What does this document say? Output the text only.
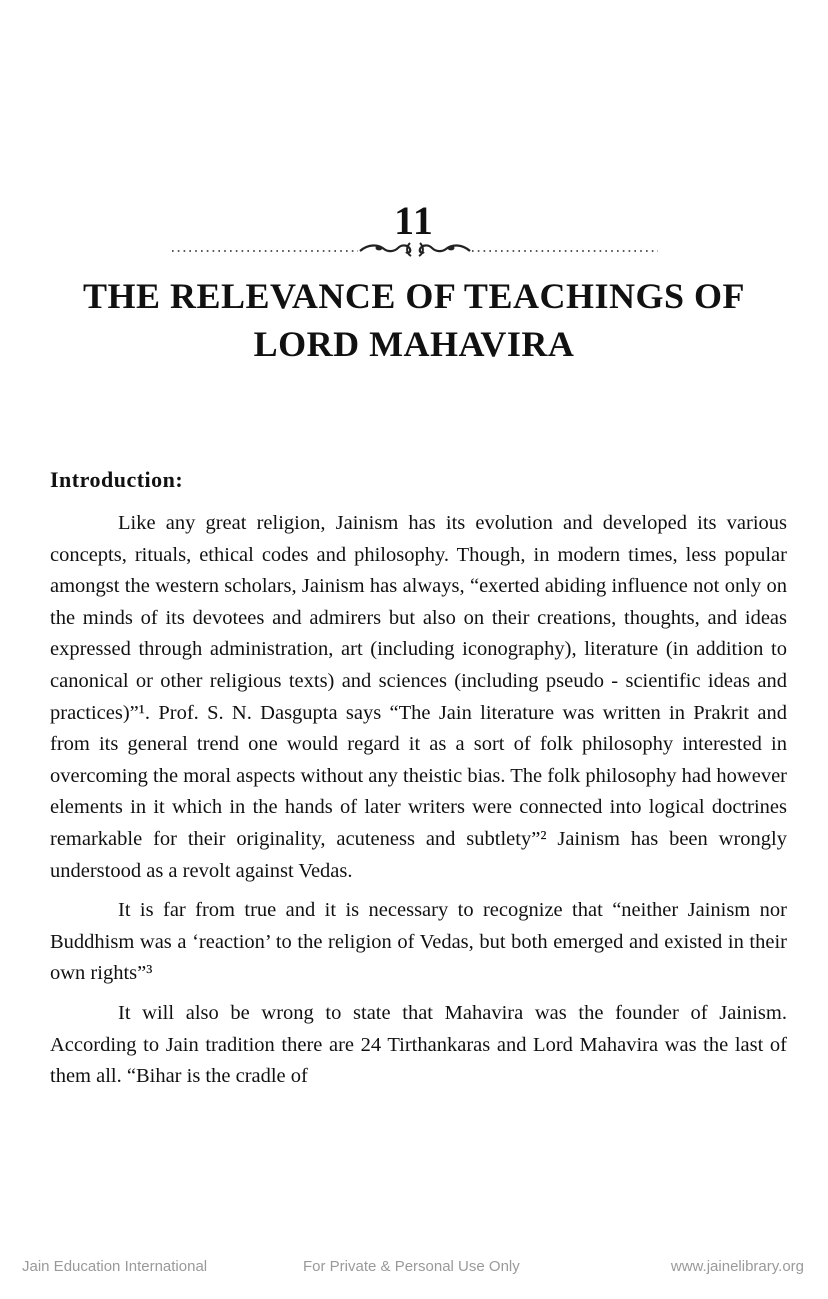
11
THE RELEVANCE OF TEACHINGS OF
LORD MAHAVIRA
Introduction:

Like any great religion, Jainism has its evolution and developed its various concepts, rituals, ethical codes and philosophy. Though, in modern times, less popular amongst the western scholars, Jainism has always, “exerted abiding influence not only on the minds of its devotees and admirers but also on their creations, thoughts, and ideas expressed through administration, art (including iconography), literature (in addition to canonical or other religious texts) and sciences (including pseudo - scientific ideas and practices)”¹. Prof. S. N. Dasgupta says “The Jain literature was written in Prakrit and from its general trend one would regard it as a sort of folk philosophy interested in overcoming the moral aspects without any theistic bias. The folk philosophy had however elements in it which in the hands of later writers were connected into logical doctrines remarkable for their originality, acuteness and subtlety”² Jainism has been wrongly understood as a revolt against Vedas.

It is far from true and it is necessary to recognize that “neither Jainism nor Buddhism was a ‘reaction’ to the religion of Vedas, but both emerged and existed in their own rights”³

It will also be wrong to state that Mahavira was the founder of Jainism. According to Jain tradition there are 24 Tirthankaras and Lord Mahavira was the last of them all. “Bihar is the cradle of

Jain Education International	For Private & Personal Use Only	www.jainelibrary.org
